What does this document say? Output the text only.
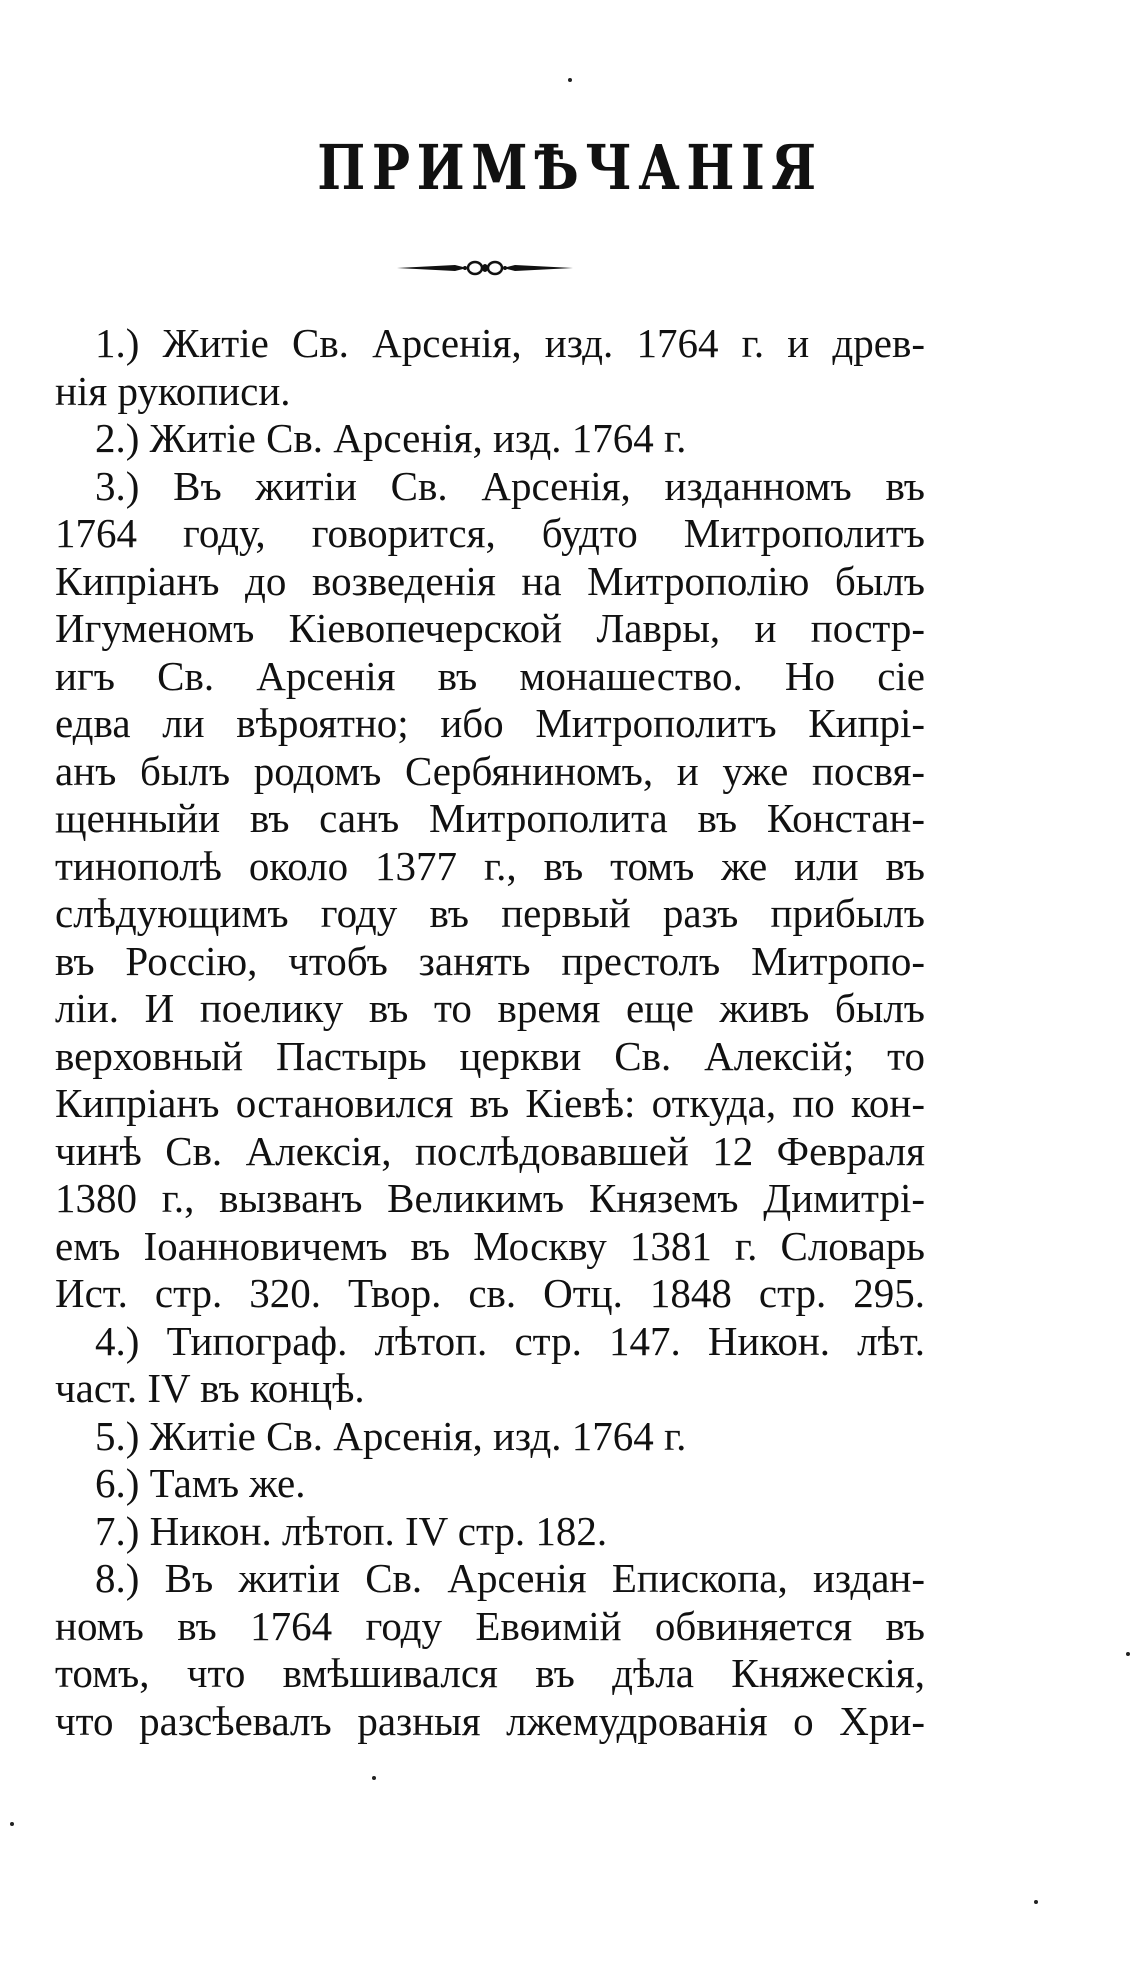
ПРИМѢЧАНІЯ
1.) Житіе Св. Арсенія, изд. 1764 г. и древ-
нія рукописи.
2.) Житіе Св. Арсенія, изд. 1764 г.
3.) Въ житіи Св. Арсенія, изданномъ въ
1764 году, говорится, будто Митрополитъ
Кипріанъ до возведенія на Митрополію былъ
Игуменомъ Кіевопечерской Лавры, и постр-
игъ Св. Арсенія въ монашество. Но сіе
едва ли вѣроятно; ибо Митрополитъ Кипрі-
анъ былъ родомъ Сербяниномъ, и уже посвя-
щенныйи въ санъ Митрополита въ Констан-
тинополѣ около 1377 г., въ томъ же или въ
слѣдующимъ году въ первый разъ прибылъ
въ Россію, чтобъ занять престолъ Митропо-
ліи. И поелику въ то время еще живъ былъ
верховный Пастырь церкви Св. Алексій; то
Кипріанъ остановился въ Кіевѣ: откуда, по кон-
чинѣ Св. Алексія, послѣдовавшей 12 Февраля
1380 г., вызванъ Великимъ Княземъ Димитрі-
емъ Іоанновичемъ въ Москву 1381 г. Словарь
Ист. стр. 320. Твор. св. Отц. 1848 стр. 295.
4.) Типограф. лѣтоп. стр. 147. Никон. лѣт.
част. IV въ концѣ.
5.) Житіе Св. Арсенія, изд. 1764 г.
6.) Тамъ же.
7.) Никон. лѣтоп. IV стр. 182.
8.) Въ житіи Св. Арсенія Епископа, издан-
номъ въ 1764 году Евѳимій обвиняется въ
томъ, что вмѣшивался въ дѣла Княжескія,
что разсѣевалъ разныя лжемудрованія о Хри-
